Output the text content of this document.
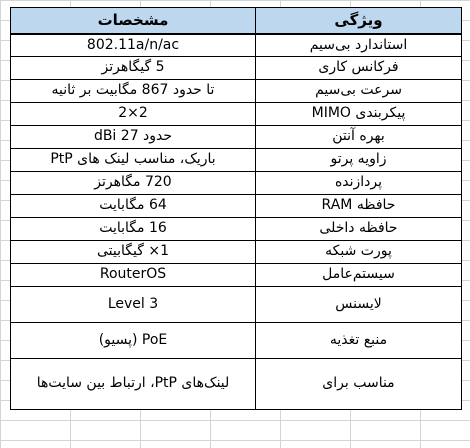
ویژگی	مشخصات
استاندارد بی‌سیم	802.11a/n/ac
فرکانس کاری	5 گیگاهرتز
سرعت بی‌سیم	تا حدود 867 مگابیت بر ثانیه
پیکربندی MIMO	2×2
بهره آنتن	حدود 27 dBi
زاویه پرتو	باریک، مناسب لینک های PtP
پردازنده	720 مگاهرتز
حافظه RAM	64 مگابایت
حافظه داخلی	16 مگابایت
پورت شبکه	1× گیگابیتی
سیستم‌عامل	RouterOS
لایسنس	Level 3
منبع تغذیه	PoE (پسیو)
مناسب برای	لینک‌های PtP، ارتباط بین سایت‌ها
